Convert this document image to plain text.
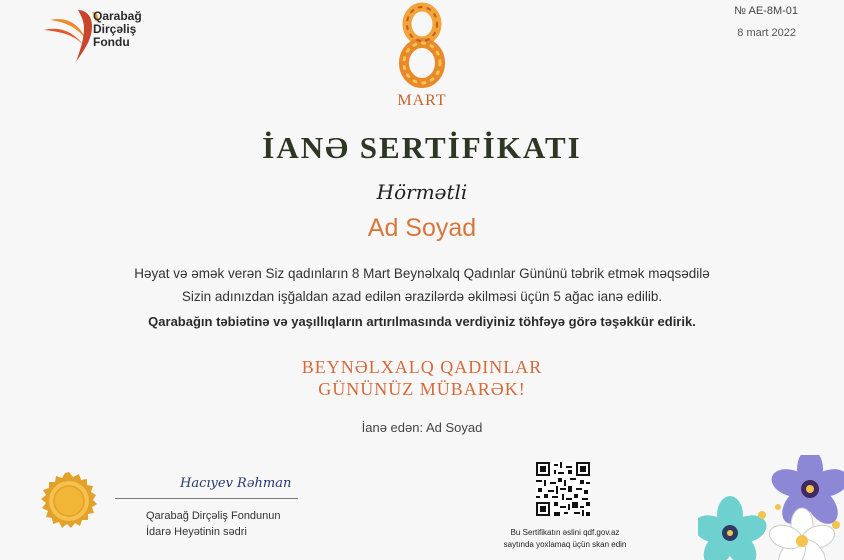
Qarabağ
Dirçəliş
Fondu
№ AE-8M-01
8 mart 2022
MART
İANƏ SERTİFİKATI
Hörmətli
Ad Soyad
Həyat və əmək verən Siz qadınların 8 Mart Beynəlxalq Qadınlar Gününü təbrik etmək məqsədilə
Sizin adınızdan işğaldan azad edilən ərazilərdə əkilməsi üçün 5 ağac ianə edilib.
Qarabağın təbiətinə və yaşıllıqların artırılmasında verdiyiniz töhfəyə görə təşəkkür edirik.
BEYNƏLXALQ QADINLAR
GÜNÜNÜZ MÜBARƏK!
İanə edən: Ad Soyad
Hacıyev Rəhman
Qarabağ Dirçəliş Fondunun
İdarə Heyətinin sədri	Bu Sertifikatın əslini qdf.gov.az
saytında yoxlamaq üçün skan edin
